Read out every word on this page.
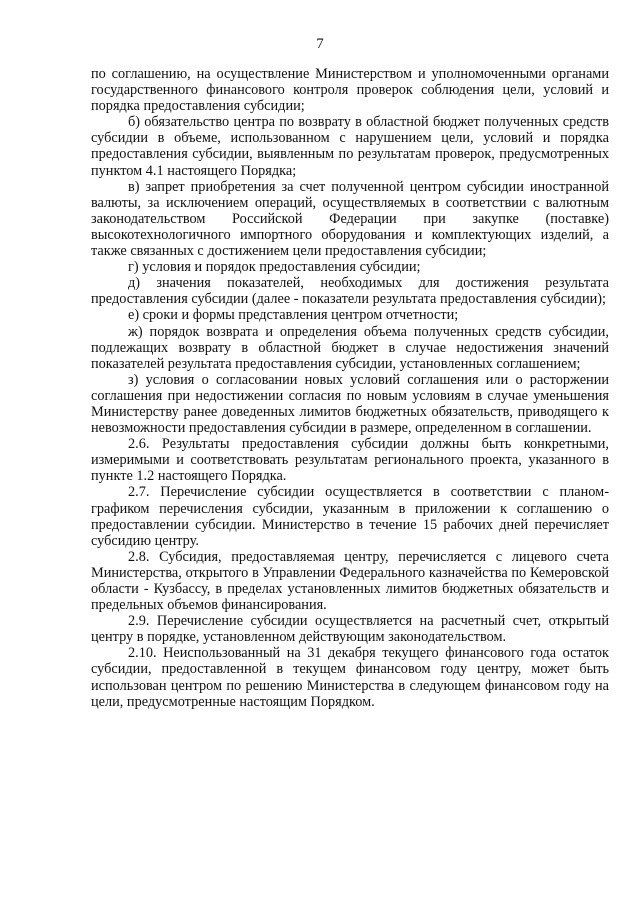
7

по соглашению, на осуществление Министерством и уполномоченными органами государственного финансового контроля проверок соблюдения цели, условий и порядка предоставления субсидии;

б) обязательство центра по возврату в областной бюджет полученных средств субсидии в объеме, использованном с нарушением цели, условий и порядка предоставления субсидии, выявленным по результатам проверок, предусмотренных пунктом 4.1 настоящего Порядка;

в) запрет приобретения за счет полученной центром субсидии иностранной валюты, за исключением операций, осуществляемых в соответствии с валютным законодательством Российской Федерации при закупке (поставке) высокотехнологичного импортного оборудования и комплектующих изделий, а также связанных с достижением цели предоставления субсидии;

г) условия и порядок предоставления субсидии;

д) значения показателей, необходимых для достижения результата предоставления субсидии (далее - показатели результата предоставления субсидии);

е) сроки и формы представления центром отчетности;

ж) порядок возврата и определения объема полученных средств субсидии, подлежащих возврату в областной бюджет в случае недостижения значений показателей результата предоставления субсидии, установленных соглашением;

з) условия о согласовании новых условий соглашения или о расторжении соглашения при недостижении согласия по новым условиям в случае уменьшения Министерству ранее доведенных лимитов бюджетных обязательств, приводящего к невозможности предоставления субсидии в размере, определенном в соглашении.

2.6. Результаты предоставления субсидии должны быть конкретными, измеримыми и соответствовать результатам регионального проекта, указанного в пункте 1.2 настоящего Порядка.

2.7. Перечисление субсидии осуществляется в соответствии с планом-графиком перечисления субсидии, указанным в приложении к соглашению о предоставлении субсидии. Министерство в течение 15 рабочих дней перечисляет субсидию центру.

2.8. Субсидия, предоставляемая центру, перечисляется с лицевого счета Министерства, открытого в Управлении Федерального казначейства по Кемеровской области - Кузбассу, в пределах установленных лимитов бюджетных обязательств и предельных объемов финансирования.

2.9. Перечисление субсидии осуществляется на расчетный счет, открытый центру в порядке, установленном действующим законодательством.

2.10. Неиспользованный на 31 декабря текущего финансового года остаток субсидии, предоставленной в текущем финансовом году центру, может быть использован центром по решению Министерства в следующем финансовом году на цели, предусмотренные настоящим Порядком.
